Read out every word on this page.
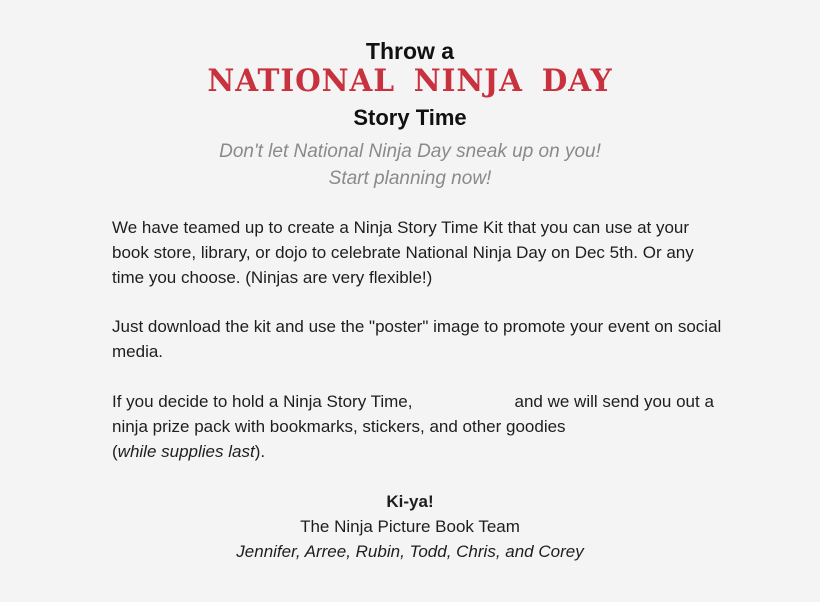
Throw a
NATIONAL NINJA DAY
Story Time
Don't let National Ninja Day sneak up on you!
Start planning now!

We have teamed up to create a Ninja Story Time Kit that you can use at your book store, library, or dojo to celebrate National Ninja Day on Dec 5th. Or any time you choose. (Ninjas are very flexible!)

Just download the kit and use the "poster" image to promote your event on social media.

If you decide to hold a Ninja Story Time,	and we will send you out a ninja prize pack with bookmarks, stickers, and other goodies
(while supplies last).

Ki-ya!
The Ninja Picture Book Team
Jennifer, Arree, Rubin, Todd, Chris, and Corey
